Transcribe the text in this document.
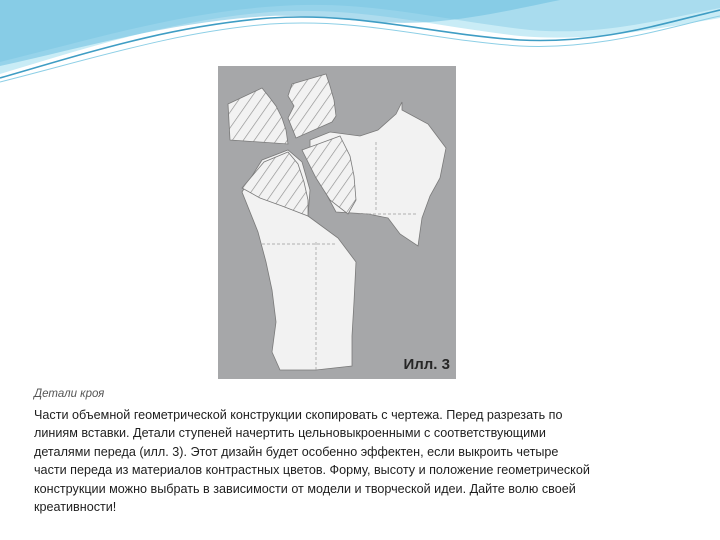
Илл. 3
Детали кроя
Части объемной геометрической конструкции скопировать с чертежа. Перед разрезать по
линиям вставки. Детали ступеней начертить цельновыкроенными с соответствующими
деталями переда (илл. 3). Этот дизайн будет особенно эффектен, если выкроить четыре
части переда из материалов контрастных цветов. Форму, высоту и положение геометрической
конструкции можно выбрать в зависимости от модели и творческой идеи. Дайте волю своей
креативности!
